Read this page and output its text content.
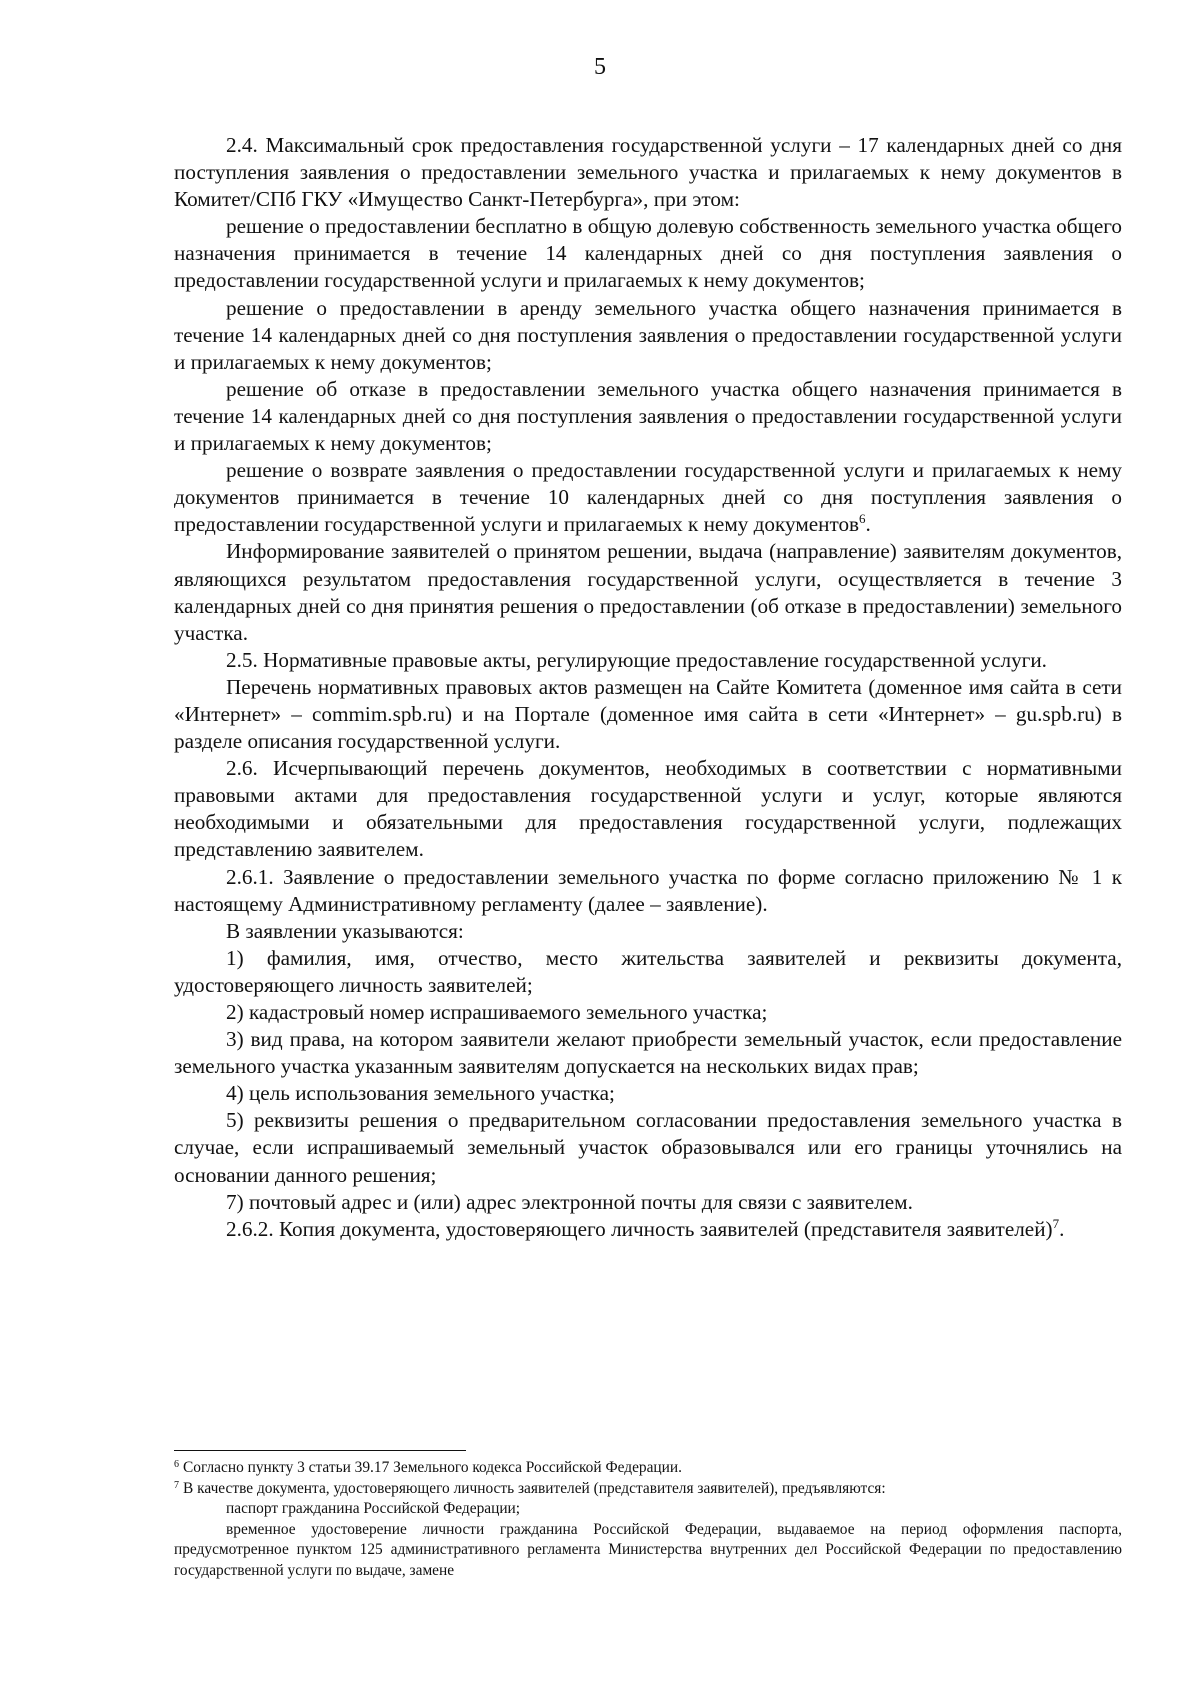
5

2.4. Максимальный срок предоставления государственной услуги – 17 календарных дней со дня поступления заявления о предоставлении земельного участка и прилагаемых к нему документов в Комитет/СПб ГКУ «Имущество Санкт-Петербурга», при этом:

решение о предоставлении бесплатно в общую долевую собственность земельного участка общего назначения принимается в течение 14 календарных дней со дня поступления заявления о предоставлении государственной услуги и прилагаемых к нему документов;

решение о предоставлении в аренду земельного участка общего назначения принимается в течение 14 календарных дней со дня поступления заявления о предоставлении государственной услуги и прилагаемых к нему документов;

решение об отказе в предоставлении земельного участка общего назначения принимается в течение 14 календарных дней со дня поступления заявления о предоставлении государственной услуги и прилагаемых к нему документов;

решение о возврате заявления о предоставлении государственной услуги и прилагаемых к нему документов принимается в течение 10 календарных дней со дня поступления заявления о предоставлении государственной услуги и прилагаемых к нему документов$^6$.

Информирование заявителей о принятом решении, выдача (направление) заявителям документов, являющихся результатом предоставления государственной услуги, осуществляется в течение 3 календарных дней со дня принятия решения о предоставлении (об отказе в предоставлении) земельного участка.

2.5. Нормативные правовые акты, регулирующие предоставление государственной услуги.

Перечень нормативных правовых актов размещен на Сайте Комитета (доменное имя сайта в сети «Интернет» – commim.spb.ru) и на Портале (доменное имя сайта в сети «Интернет» – gu.spb.ru) в разделе описания государственной услуги.

2.6. Исчерпывающий перечень документов, необходимых в соответствии с нормативными правовыми актами для предоставления государственной услуги и услуг, которые являются необходимыми и обязательными для предоставления государственной услуги, подлежащих представлению заявителем.

2.6.1. Заявление о предоставлении земельного участка по форме согласно приложению № 1 к настоящему Административному регламенту (далее – заявление).

В заявлении указываются:

1) фамилия, имя, отчество, место жительства заявителей и реквизиты документа, удостоверяющего личность заявителей;

2) кадастровый номер испрашиваемого земельного участка;

3) вид права, на котором заявители желают приобрести земельный участок, если предоставление земельного участка указанным заявителям допускается на нескольких видах прав;

4) цель использования земельного участка;

5) реквизиты решения о предварительном согласовании предоставления земельного участка в случае, если испрашиваемый земельный участок образовывался или его границы уточнялись на основании данного решения;

7) почтовый адрес и (или) адрес электронной почты для связи с заявителем.

2.6.2. Копия документа, удостоверяющего личность заявителей (представителя заявителей)$^7$.

$^6$ Согласно пункту 3 статьи 39.17 Земельного кодекса Российской Федерации.

$^7$ В качестве документа, удостоверяющего личность заявителей (представителя заявителей), предъявляются:

паспорт гражданина Российской Федерации;

временное удостоверение личности гражданина Российской Федерации, выдаваемое на период оформления паспорта, предусмотренное пунктом 125 административного регламента Министерства внутренних дел Российской Федерации по предоставлению государственной услуги по выдаче, замене
